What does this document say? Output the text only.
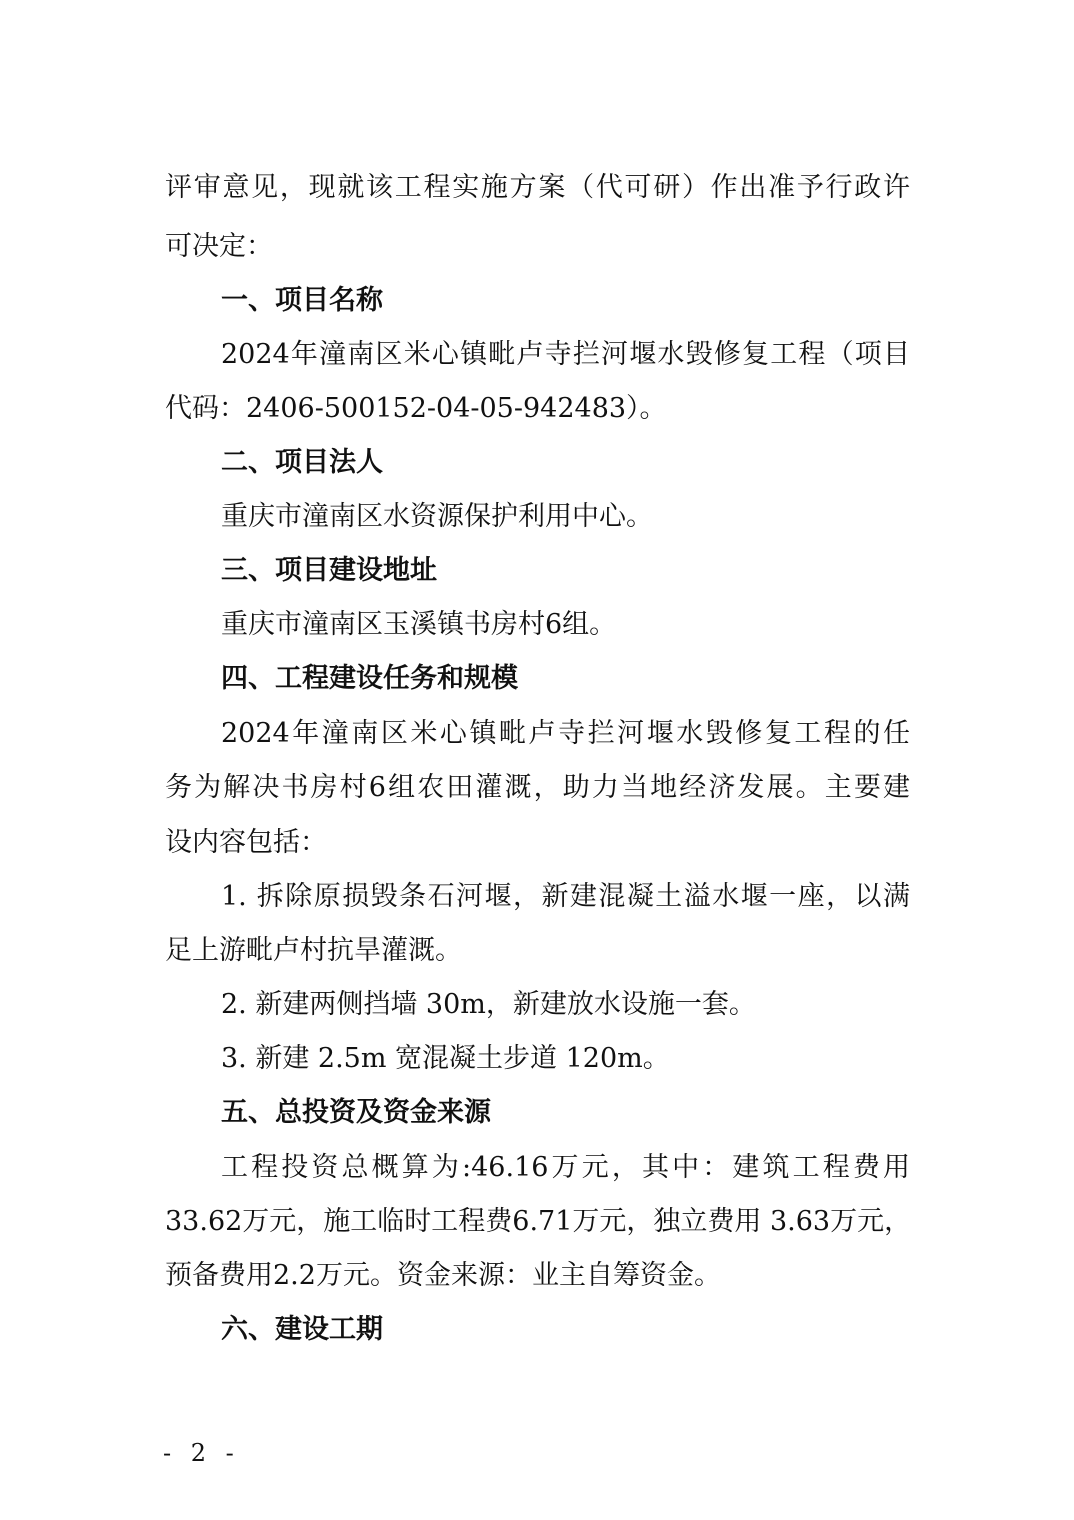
评审意见，现就该工程实施方案（代可研）作出准予行政许
可决定：
一、项目名称
2024年潼南区米心镇毗卢寺拦河堰水毁修复工程（项目
代码：2406-500152-04-05-942483）。
二、项目法人
重庆市潼南区水资源保护利用中心。
三、项目建设地址
重庆市潼南区玉溪镇书房村6组。
四、工程建设任务和规模
2024年潼南区米心镇毗卢寺拦河堰水毁修复工程的任
务为解决书房村6组农田灌溉，助力当地经济发展。主要建
设内容包括：
1. 拆除原损毁条石河堰，新建混凝土溢水堰一座，以满
足上游毗卢村抗旱灌溉。
2. 新建两侧挡墙 30m，新建放水设施一套。
3. 新建 2.5m 宽混凝土步道 120m。
五、总投资及资金来源
工程投资总概算为:46.16万元，其中：建筑工程费用
33.62万元，施工临时工程费6.71万元，独立费用 3.63万元，
预备费用2.2万元。资金来源：业主自筹资金。
六、建设工期
- 2 -
